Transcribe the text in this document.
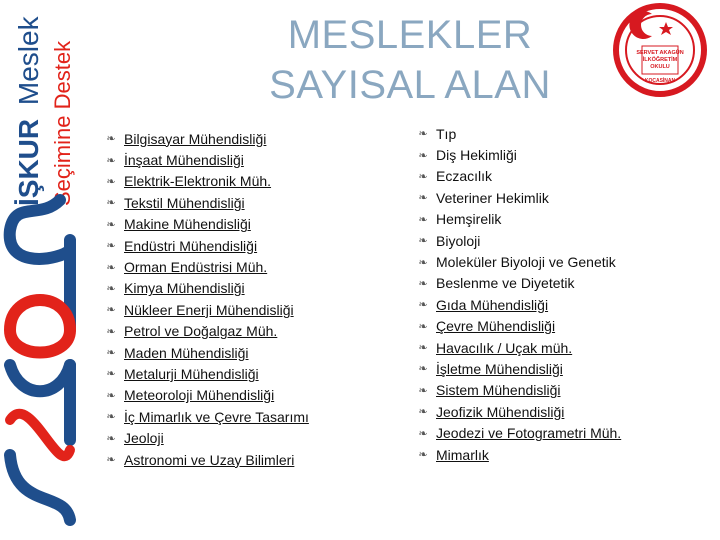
İŞKUR Meslek Seçimine Destek
MESLEKLER
SAYISAL ALAN
SERVET AKAGÜN
İLKÖĞRETİM
OKULU
KOCASİNAN
❧ Bilgisayar Mühendisliği
❧ İnşaat Mühendisliği
❧ Elektrik-Elektronik Müh.
❧ Tekstil Mühendisliği
❧ Makine Mühendisliği
❧ Endüstri Mühendisliği
❧ Orman Endüstrisi Müh.
❧ Kimya Mühendisliği
❧ Nükleer Enerji Mühendisliği
❧ Petrol ve Doğalgaz Müh.
❧ Maden Mühendisliği
❧ Metalurji Mühendisliği
❧ Meteoroloji Mühendisliği
❧ İç Mimarlık ve Çevre Tasarımı
❧ Jeoloji
❧ Astronomi ve Uzay Bilimleri
❧ Tıp
❧ Diş Hekimliği
❧ Eczacılık
❧ Veteriner Hekimlik
❧ Hemşirelik
❧ Biyoloji
❧ Moleküler Biyoloji ve Genetik
❧ Beslenme ve Diyetetik
❧ Gıda Mühendisliği
❧ Çevre Mühendisliği
❧ Havacılık / Uçak müh.
❧ İşletme Mühendisliği
❧ Sistem Mühendisliği
❧ Jeofizik Mühendisliği
❧ Jeodezi ve Fotogrametri Müh.
❧ Mimarlık
